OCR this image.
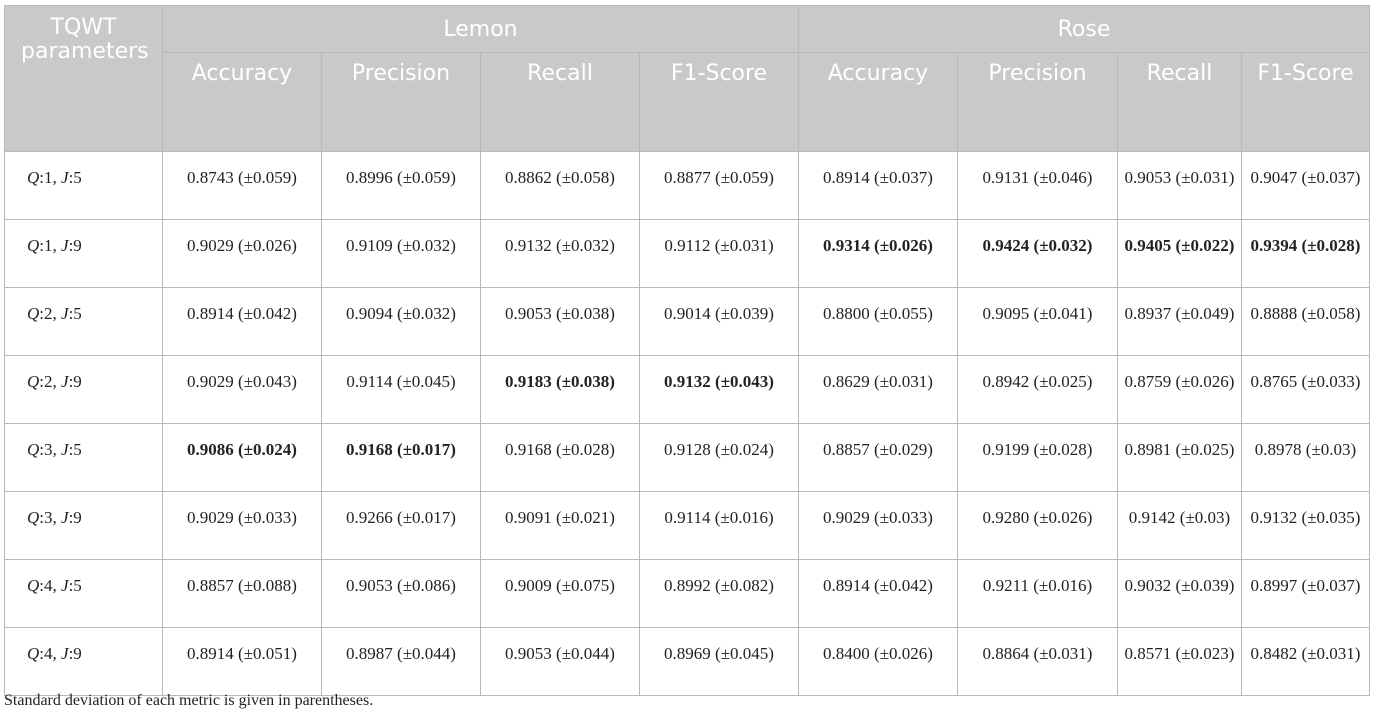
TQWT parameters	Lemon				Rose			
	Accuracy	Precision	Recall	F1-Score	Accuracy	Precision	Recall	F1-Score
Q:1, J:5	0.8743 (±0.059)	0.8996 (±0.059)	0.8862 (±0.058)	0.8877 (±0.059)	0.8914 (±0.037)	0.9131 (±0.046)	0.9053 (±0.031)	0.9047 (±0.037)
Q:1, J:9	0.9029 (±0.026)	0.9109 (±0.032)	0.9132 (±0.032)	0.9112 (±0.031)	0.9314 (±0.026)	0.9424 (±0.032)	0.9405 (±0.022)	0.9394 (±0.028)
Q:2, J:5	0.8914 (±0.042)	0.9094 (±0.032)	0.9053 (±0.038)	0.9014 (±0.039)	0.8800 (±0.055)	0.9095 (±0.041)	0.8937 (±0.049)	0.8888 (±0.058)
Q:2, J:9	0.9029 (±0.043)	0.9114 (±0.045)	0.9183 (±0.038)	0.9132 (±0.043)	0.8629 (±0.031)	0.8942 (±0.025)	0.8759 (±0.026)	0.8765 (±0.033)
Q:3, J:5	0.9086 (±0.024)	0.9168 (±0.017)	0.9168 (±0.028)	0.9128 (±0.024)	0.8857 (±0.029)	0.9199 (±0.028)	0.8981 (±0.025)	0.8978 (±0.03)
Q:3, J:9	0.9029 (±0.033)	0.9266 (±0.017)	0.9091 (±0.021)	0.9114 (±0.016)	0.9029 (±0.033)	0.9280 (±0.026)	0.9142 (±0.03)	0.9132 (±0.035)
Q:4, J:5	0.8857 (±0.088)	0.9053 (±0.086)	0.9009 (±0.075)	0.8992 (±0.082)	0.8914 (±0.042)	0.9211 (±0.016)	0.9032 (±0.039)	0.8997 (±0.037)
Q:4, J:9	0.8914 (±0.051)	0.8987 (±0.044)	0.9053 (±0.044)	0.8969 (±0.045)	0.8400 (±0.026)	0.8864 (±0.031)	0.8571 (±0.023)	0.8482 (±0.031)
Standard deviation of each metric is given in parentheses.
